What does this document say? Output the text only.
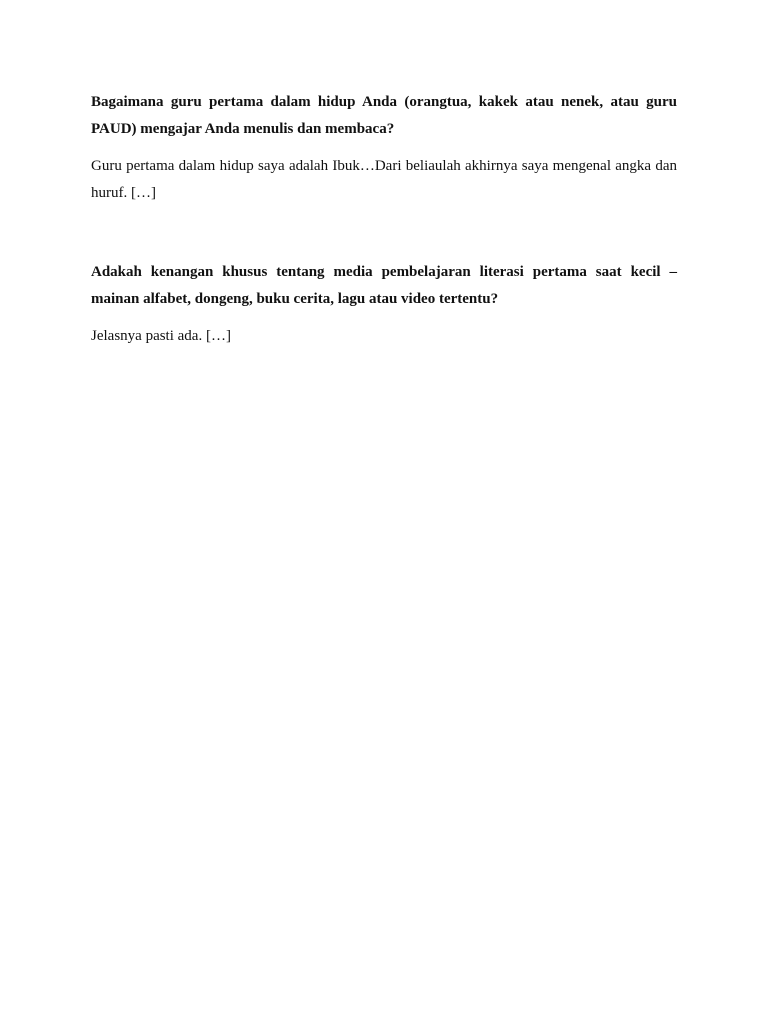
Bagaimana guru pertama dalam hidup Anda (orangtua, kakek atau nenek, atau guru PAUD) mengajar Anda menulis dan membaca?

Guru pertama dalam hidup saya adalah Ibuk…Dari beliaulah akhirnya saya mengenal angka dan huruf. […]

Adakah kenangan khusus tentang media pembelajaran literasi pertama saat kecil – mainan alfabet, dongeng, buku cerita, lagu atau video tertentu?

Jelasnya pasti ada. […]
